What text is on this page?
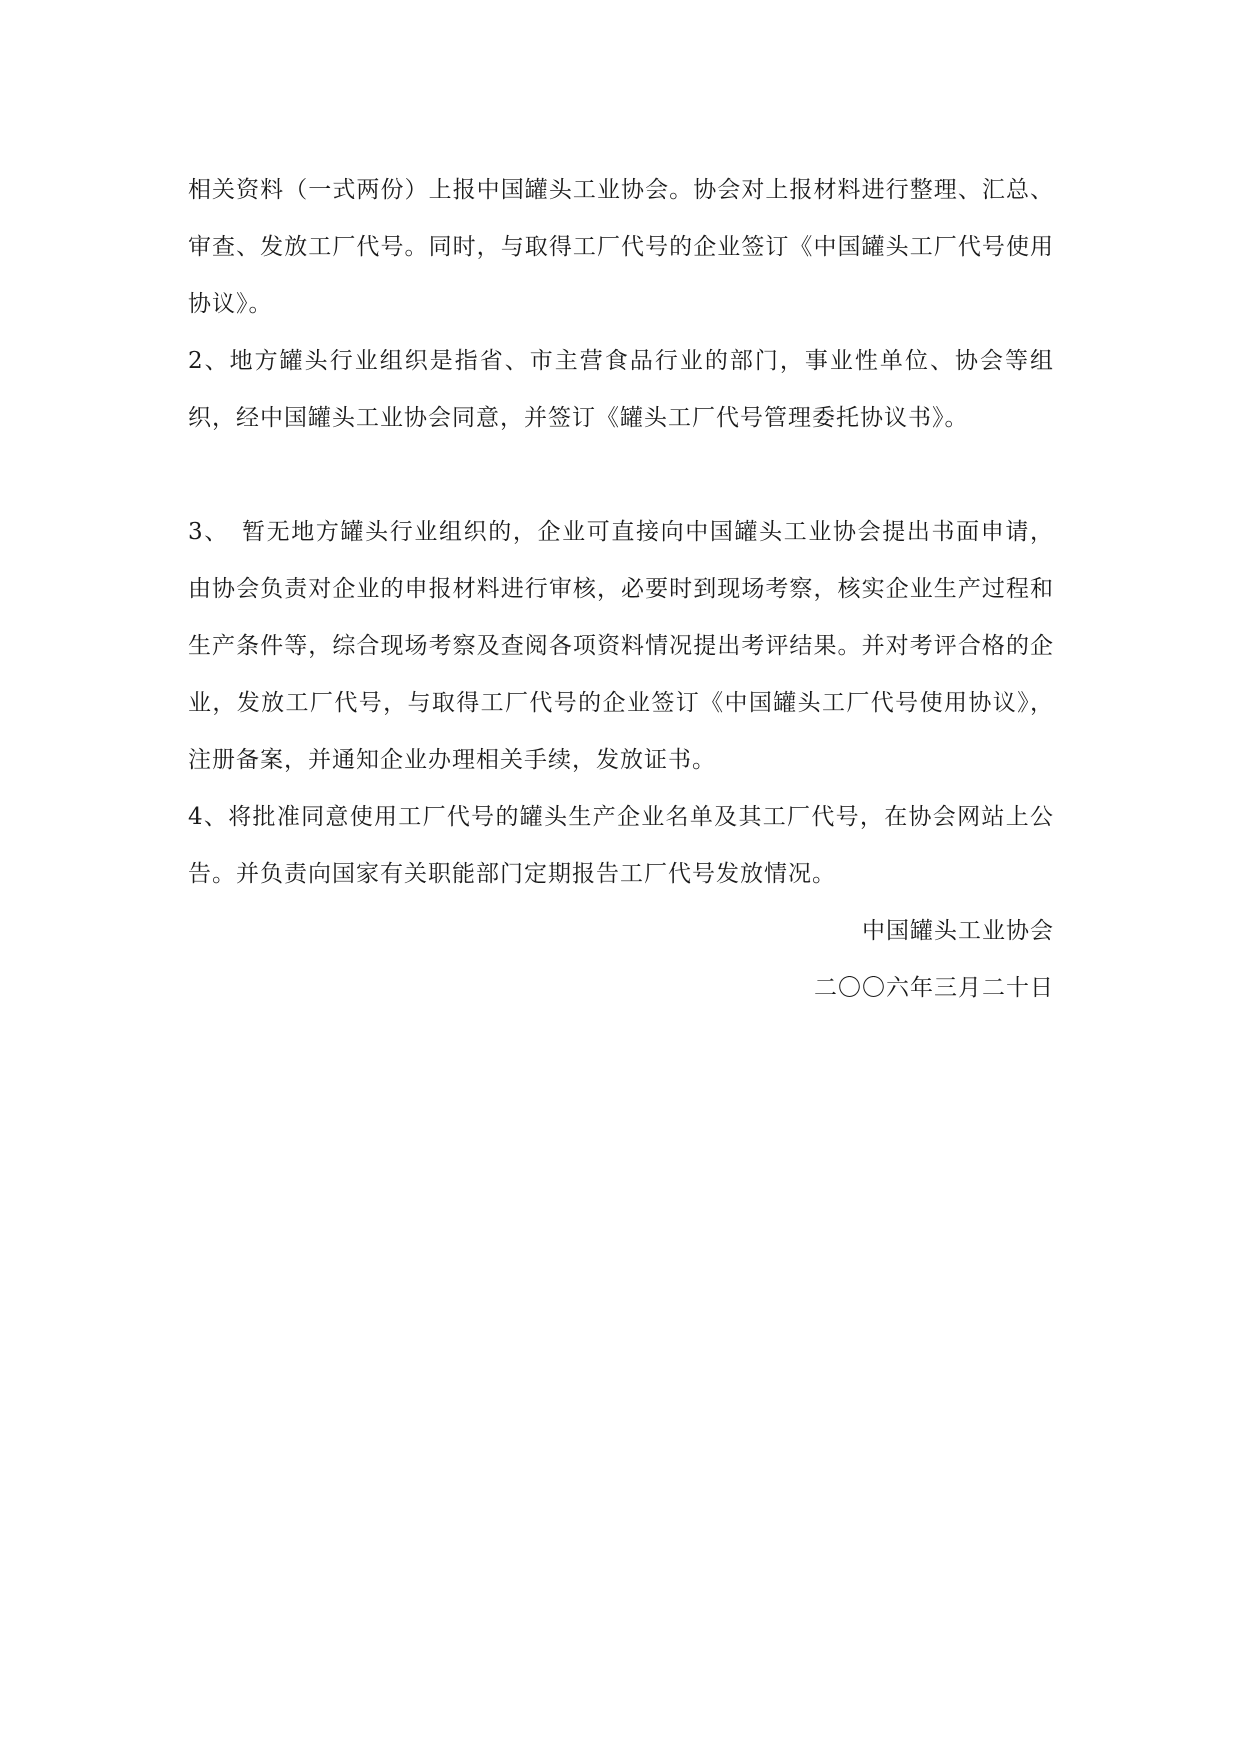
相关资料（一式两份）上报中国罐头工业协会。协会对上报材料进行整理、汇总、审查、发放工厂代号。同时，与取得工厂代号的企业签订《中国罐头工厂代号使用协议》。

2、地方罐头行业组织是指省、市主营食品行业的部门，事业性单位、协会等组织，经中国罐头工业协会同意，并签订《罐头工厂代号管理委托协议书》。

3、　暂无地方罐头行业组织的，企业可直接向中国罐头工业协会提出书面申请，由协会负责对企业的申报材料进行审核，必要时到现场考察，核实企业生产过程和生产条件等，综合现场考察及查阅各项资料情况提出考评结果。并对考评合格的企业，发放工厂代号，与取得工厂代号的企业签订《中国罐头工厂代号使用协议》，注册备案，并通知企业办理相关手续，发放证书。

4、将批准同意使用工厂代号的罐头生产企业名单及其工厂代号，在协会网站上公告。并负责向国家有关职能部门定期报告工厂代号发放情况。

中国罐头工业协会

二〇〇六年三月二十日
